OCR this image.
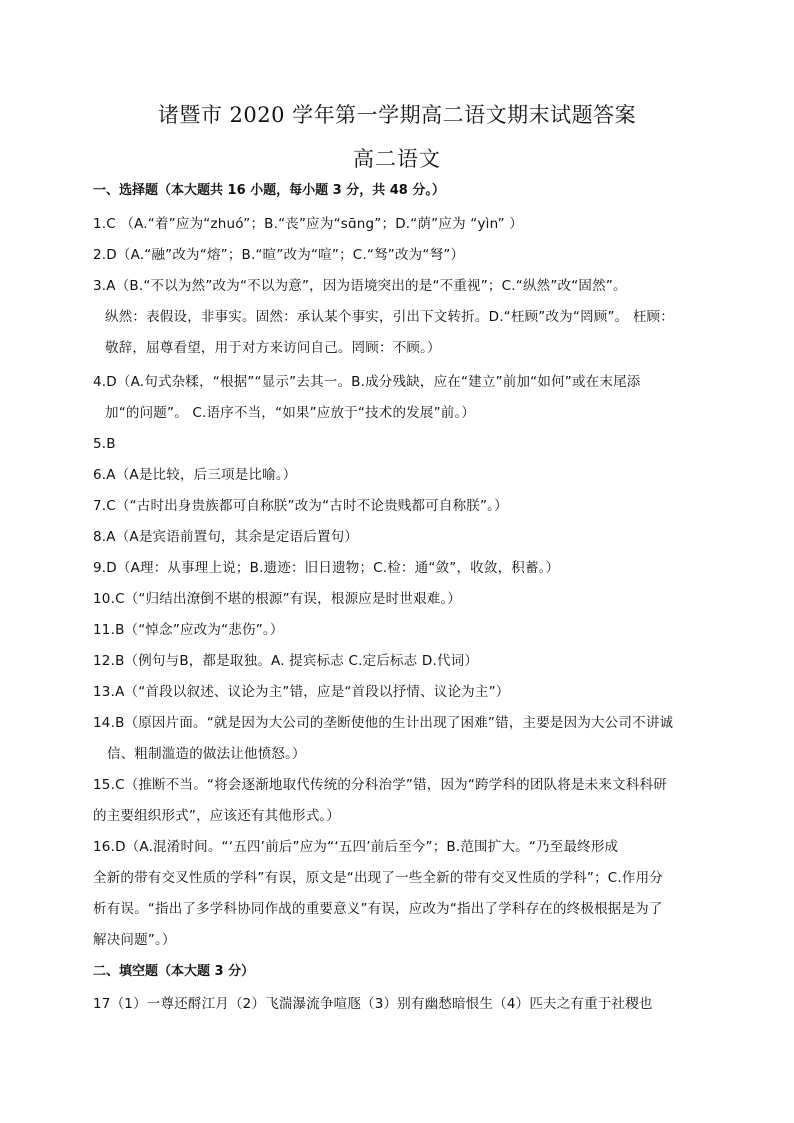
诸暨市 2020 学年第一学期高二语文期末试题答案
高二语文
一、选择题（本大题共 16 小题，每小题 3 分，共 48 分。）
1.C （A.“着”应为“zhuó”；B.“丧”应为“sɑ̄ng”；D.“荫”应为 “yìn” ）
2.D（A.“融”改为“熔”；B.“暄”改为“喧”；C.“驽”改为“弩”）
3.A（B.“不以为然”改为“不以为意”，因为语境突出的是“不重视”；C.“纵然”改“固然”。
纵然：表假设，非事实。固然：承认某个事实，引出下文转折。D.“枉顾”改为“罔顾”。 枉顾：
敬辞，屈尊看望，用于对方来访问自己。罔顾：不顾。）
4.D（A.句式杂糅，“根据”“显示”去其一。B.成分残缺，应在“建立”前加“如何”或在末尾添
加“的问题”。 C.语序不当，“如果”应放于“技术的发展”前。）
5.B
6.A（A是比较，后三项是比喻。）
7.C（“古时出身贵族都可自称朕”改为“古时不论贵贱都可自称朕”。）
8.A（A是宾语前置句，其余是定语后置句）
9.D（A理：从事理上说；B.遗迹：旧日遗物；C.检：通“敛”，收敛，积蓄。）
10.C（“归结出潦倒不堪的根源”有误，根源应是时世艰难。）
11.B（“悼念”应改为“悲伤”。）
12.B（例句与B，都是取独。A. 提宾标志 C.定后标志 D.代词）
13.A（“首段以叙述、议论为主”错，应是“首段以抒情、议论为主”）
14.B（原因片面。“就是因为大公司的垄断使他的生计出现了困难”错，主要是因为大公司不讲诚
信、粗制滥造的做法让他愤怒。）
15.C（推断不当。“将会逐渐地取代传统的分科治学”错，因为“跨学科的团队将是未来文科科研
的主要组织形式”，应该还有其他形式。）
16.D（A.混淆时间。“‘五四’前后”应为“‘五四’前后至今”；B.范围扩大。“乃至最终形成
全新的带有交叉性质的学科”有误，原文是“出现了一些全新的带有交叉性质的学科”；C.作用分
析有误。“指出了多学科协同作战的重要意义”有误，应改为“指出了学科存在的终极根据是为了
解决问题”。）
二、填空题（本大题 3 分）
17（1）一尊还酹江月（2）飞湍瀑流争喧豗（3）别有幽愁暗恨生（4）匹夫之有重于社稷也
